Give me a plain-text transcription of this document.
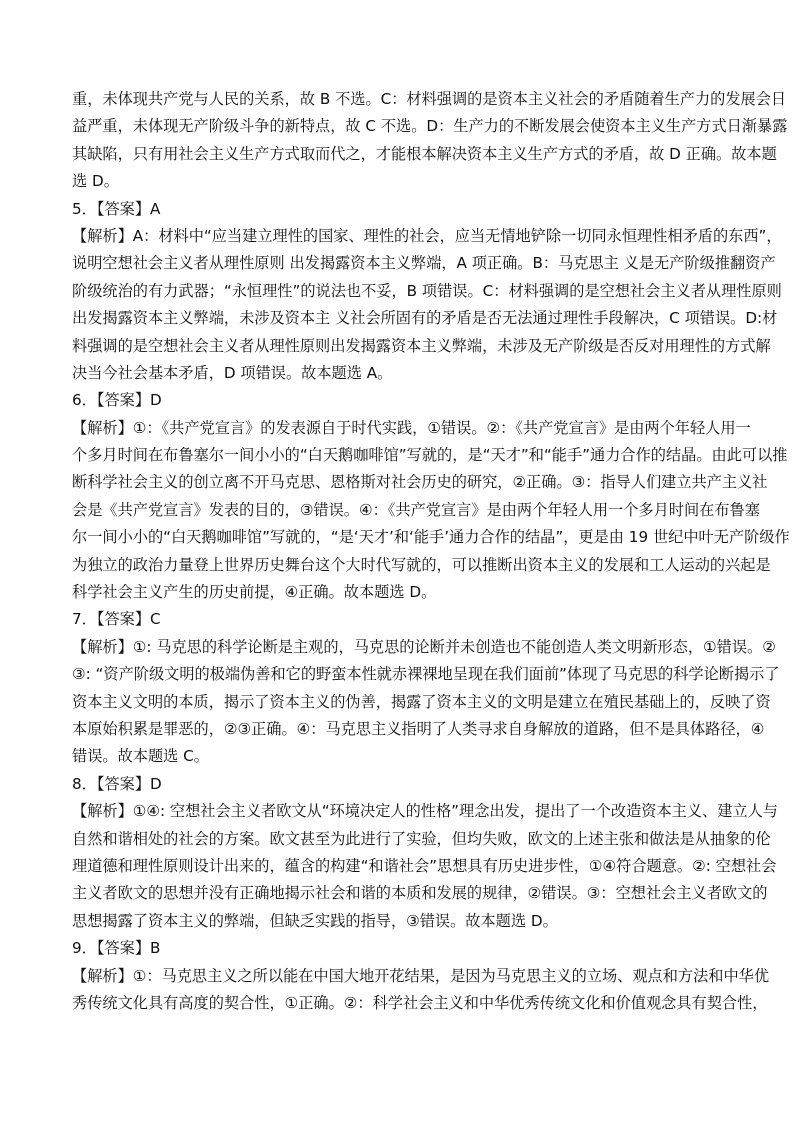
重，未体现共产党与人民的关系，故 B 不选。C：材料强调的是资本主义社会的矛盾随着生产力的发展会日
益严重，未体现无产阶级斗争的新特点，故 C 不选。D：生产力的不断发展会使资本主义生产方式日渐暴露
其缺陷，只有用社会主义生产方式取而代之，才能根本解决资本主义生产方式的矛盾，故 D 正确。故本题
选 D。
5．【答案】A
【解析】A：材料中“应当建立理性的国家、理性的社会，应当无情地铲除一切同永恒理性相矛盾的东西”，
说明空想社会主义者从理性原则 出发揭露资本主义弊端，A 项正确。B：马克思主 义是无产阶级推翻资产
阶级统治的有力武器；“永恒理性”的说法也不妥，B 项错误。C：材料强调的是空想社会主义者从理性原则
出发揭露资本主义弊端，未涉及资本主 义社会所固有的矛盾是否无法通过理性手段解决，C 项错误。D:材
料强调的是空想社会主义者从理性原则出发揭露资本主义弊端，未涉及无产阶级是否反对用理性的方式解
决当今社会基本矛盾，D 项错误。故本题选 A。
6．【答案】D
【解析】①：《共产党宣言》的发表源自于时代实践，①错误。②：《共产党宣言》是由两个年轻人用一
个多月时间在布鲁塞尔一间小小的“白天鹅咖啡馆”写就的，是“天才”和“能手”通力合作的结晶。由此可以推
断科学社会主义的创立离不开马克思、恩格斯对社会历史的研究，②正确。③：指导人们建立共产主义社
会是《共产党宣言》发表的目的，③错误。④：《共产党宣言》是由两个年轻人用一个多月时间在布鲁塞
尔一间小小的“白天鹅咖啡馆”写就的，“是‘天才’和‘能手’通力合作的结晶”，更是由 19 世纪中叶无产阶级作
为独立的政治力量登上世界历史舞台这个大时代写就的，可以推断出资本主义的发展和工人运动的兴起是
科学社会主义产生的历史前提，④正确。故本题选 D。
7．【答案】C
【解析】①: 马克思的科学论断是主观的，马克思的论断并未创造也不能创造人类文明新形态，①错误。②
③: “资产阶级文明的极端伪善和它的野蛮本性就赤裸裸地呈现在我们面前”体现了马克思的科学论断揭示了
资本主义文明的本质，揭示了资本主义的伪善，揭露了资本主义的文明是建立在殖民基础上的，反映了资
本原始积累是罪恶的，②③正确。④：马克思主义指明了人类寻求自身解放的道路，但不是具体路径，④
错误。故本题选 C。
8．【答案】D
【解析】①④: 空想社会主义者欧文从“环境决定人的性格”理念出发，提出了一个改造资本主义、建立人与
自然和谐相处的社会的方案。欧文甚至为此进行了实验，但均失败，欧文的上述主张和做法是从抽象的伦
理道德和理性原则设计出来的，蕴含的构建“和谐社会”思想具有历史进步性，①④符合题意。②: 空想社会
主义者欧文的思想并没有正确地揭示社会和谐的本质和发展的规律，②错误。③：空想社会主义者欧文的
思想揭露了资本主义的弊端，但缺乏实践的指导，③错误。故本题选 D。
9．【答案】B
【解析】①：马克思主义之所以能在中国大地开花结果，是因为马克思主义的立场、观点和方法和中华优
秀传统文化具有高度的契合性，①正确。②：科学社会主义和中华优秀传统文化和价值观念具有契合性，
